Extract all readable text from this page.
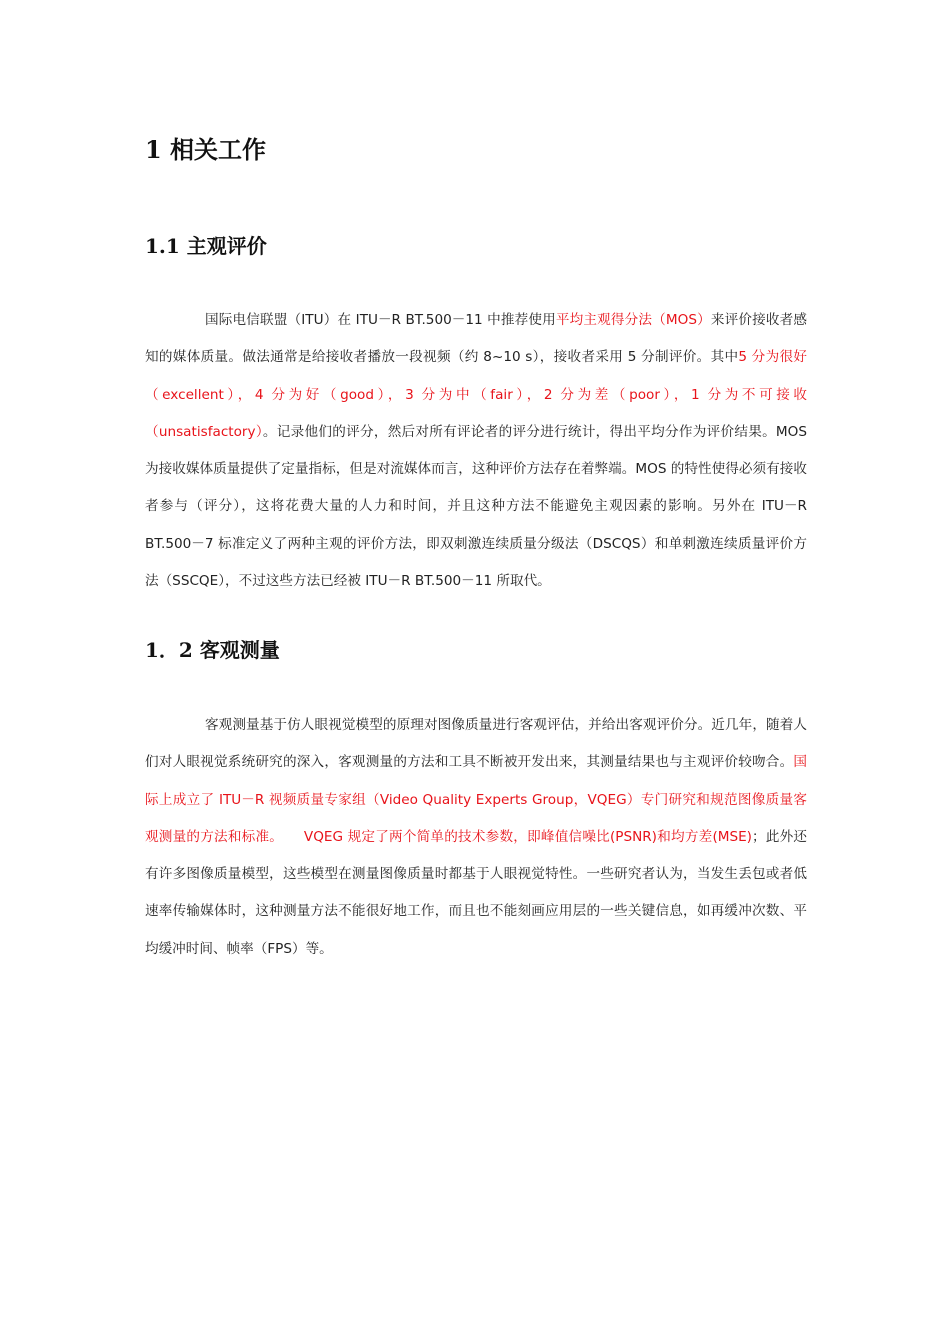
1 相关工作
1.1 主观评价

国际电信联盟（ITU）在 ITU－R BT.500－11 中推荐使用平均主观得分法（MOS）来评价接收者感知的媒体质量。做法通常是给接收者播放一段视频（约 8~10 s），接收者采用 5 分制评价。其中5 分为很好（excellent），4 分为好（good），3 分为中（fair），2 分为差（poor），1 分为不可接收（unsatisfactory）。记录他们的评分，然后对所有评论者的评分进行统计，得出平均分作为评价结果。MOS 为接收媒体质量提供了定量指标，但是对流媒体而言，这种评价方法存在着弊端。MOS 的特性使得必须有接收者参与（评分），这将花费大量的人力和时间，并且这种方法不能避免主观因素的影响。另外在 ITU－R BT.500－7 标准定义了两种主观的评价方法，即双刺激连续质量分级法（DSCQS）和单刺激连续质量评价方法（SSCQE），不过这些方法已经被 ITU－R BT.500－11 所取代。

1．2 客观测量

客观测量基于仿人眼视觉模型的原理对图像质量进行客观评估，并给出客观评价分。近几年，随着人们对人眼视觉系统研究的深入，客观测量的方法和工具不断被开发出来，其测量结果也与主观评价较吻合。国际上成立了 ITU－R 视频质量专家组（Video Quality Experts Group，VQEG）专门研究和规范图像质量客观测量的方法和标准。　　 VQEG 规定了两个简单的技术参数，即峰值信噪比(PSNR)和均方差(MSE)；此外还有许多图像质量模型，这些模型在测量图像质量时都基于人眼视觉特性。一些研究者认为，当发生丢包或者低速率传输媒体时，这种测量方法不能很好地工作，而且也不能刻画应用层的一些关键信息，如再缓冲次数、平均缓冲时间、帧率（FPS）等。
